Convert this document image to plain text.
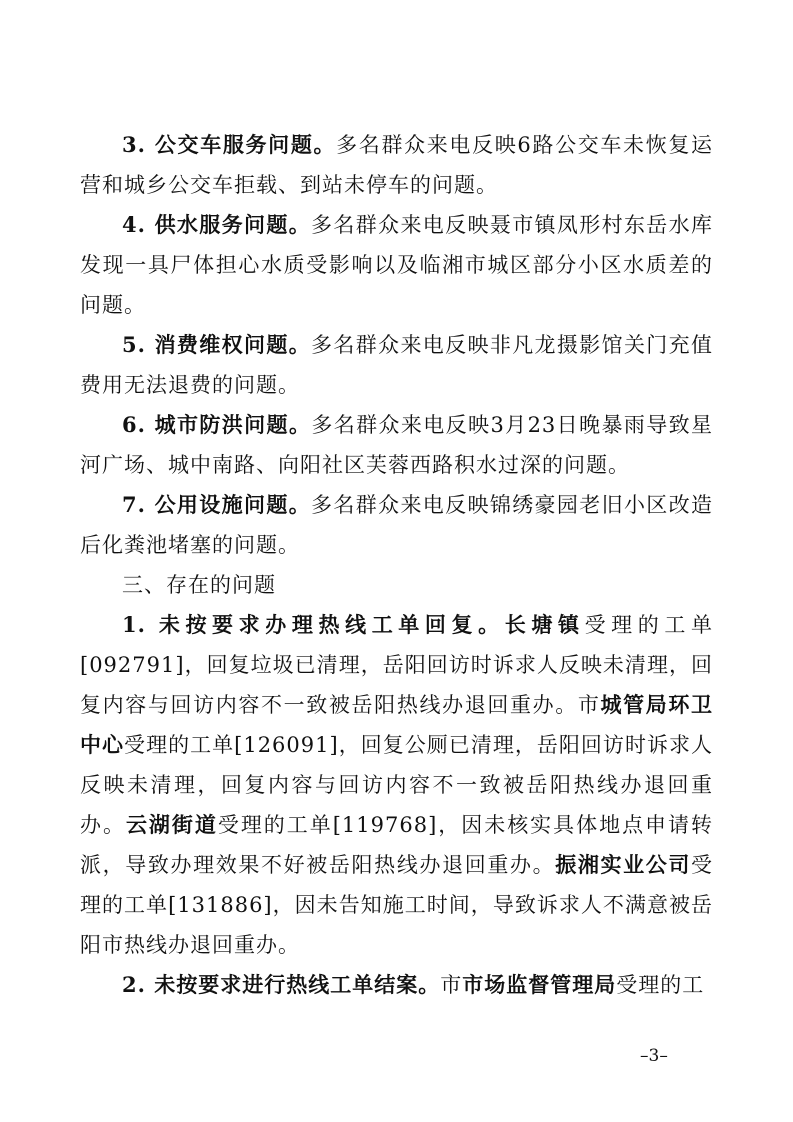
3. 公交车服务问题。多名群众来电反映6路公交车未恢复运营和城乡公交车拒载、到站未停车的问题。

4. 供水服务问题。多名群众来电反映聂市镇凤形村东岳水库发现一具尸体担心水质受影响以及临湘市城区部分小区水质差的问题。

5. 消费维权问题。多名群众来电反映非凡龙摄影馆关门充值费用无法退费的问题。

6. 城市防洪问题。多名群众来电反映3月23日晚暴雨导致星河广场、城中南路、向阳社区芙蓉西路积水过深的问题。

7. 公用设施问题。多名群众来电反映锦绣豪园老旧小区改造后化粪池堵塞的问题。

三、存在的问题

1. 未按要求办理热线工单回复。长塘镇受理的工单[092791]，回复垃圾已清理，岳阳回访时诉求人反映未清理，回复内容与回访内容不一致被岳阳热线办退回重办。市城管局环卫中心受理的工单[126091]，回复公厕已清理，岳阳回访时诉求人反映未清理，回复内容与回访内容不一致被岳阳热线办退回重办。云湖街道受理的工单[119768]，因未核实具体地点申请转派，导致办理效果不好被岳阳热线办退回重办。振湘实业公司受理的工单[131886]，因未告知施工时间，导致诉求人不满意被岳阳市热线办退回重办。

2. 未按要求进行热线工单结案。市市场监督管理局受理的工

–3–
